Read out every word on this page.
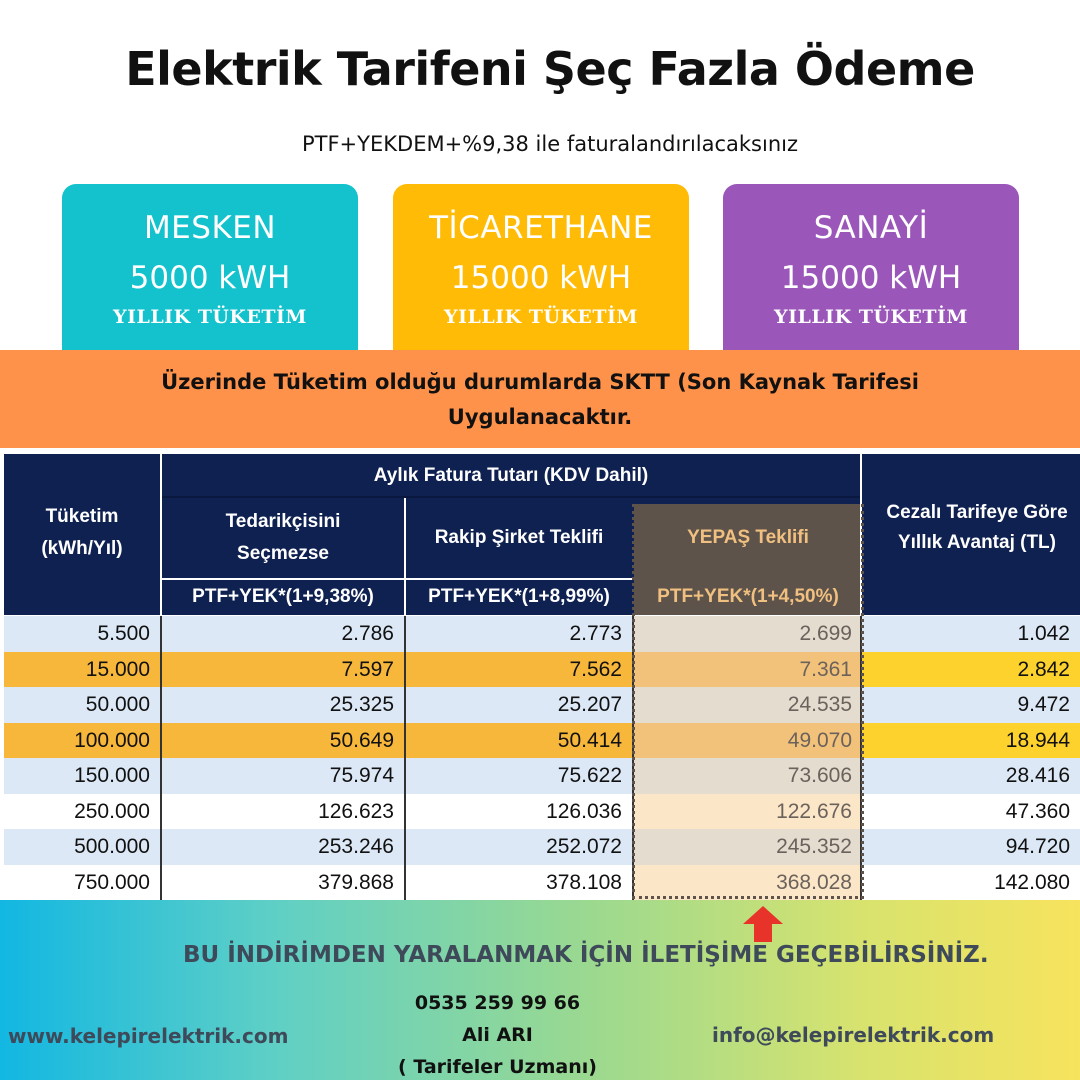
Elektrik Tarifeni Şeç Fazla Ödeme
PTF+YEKDEM+%9,38 ile faturalandırılacaksınız
MESKEN
5000 kWH
YILLIK TÜKETİM
TİCARETHANE
15000 kWH
YILLIK TÜKETİM
SANAYİ
15000 kWH
YILLIK TÜKETİM
Üzerinde Tüketim olduğu durumlarda SKTT (Son Kaynak Tarifesi
Uygulanacaktır.
Tüketim
(kWh/Yıl)
Aylık Fatura Tutarı (KDV Dahil)
Tedarikçisini
Seçmezse
Rakip Şirket Teklifi	YEPAŞ Teklifi
Cezalı Tarifeye Göre
Yıllık Avantaj (TL)
PTF+YEK*(1+9,38%)	PTF+YEK*(1+8,99%)	PTF+YEK*(1+4,50%)
5.500	2.786	2.773	2.699	1.042
15.000	7.597	7.562	7.361	2.842
50.000	25.325	25.207	24.535	9.472
100.000	50.649	50.414	49.070	18.944
150.000	75.974	75.622	73.606	28.416
250.000	126.623	126.036	122.676	47.360
500.000	253.246	252.072	245.352	94.720
750.000	379.868	378.108	368.028	142.080
BU İNDİRİMDEN YARALANMAK İÇİN İLETİŞİME GEÇEBİLİRSİNİZ.
0535 259 99 66
Ali ARI
( Tarifeler Uzmanı)
www.kelepirelektrik.com	info@kelepirelektrik.com
